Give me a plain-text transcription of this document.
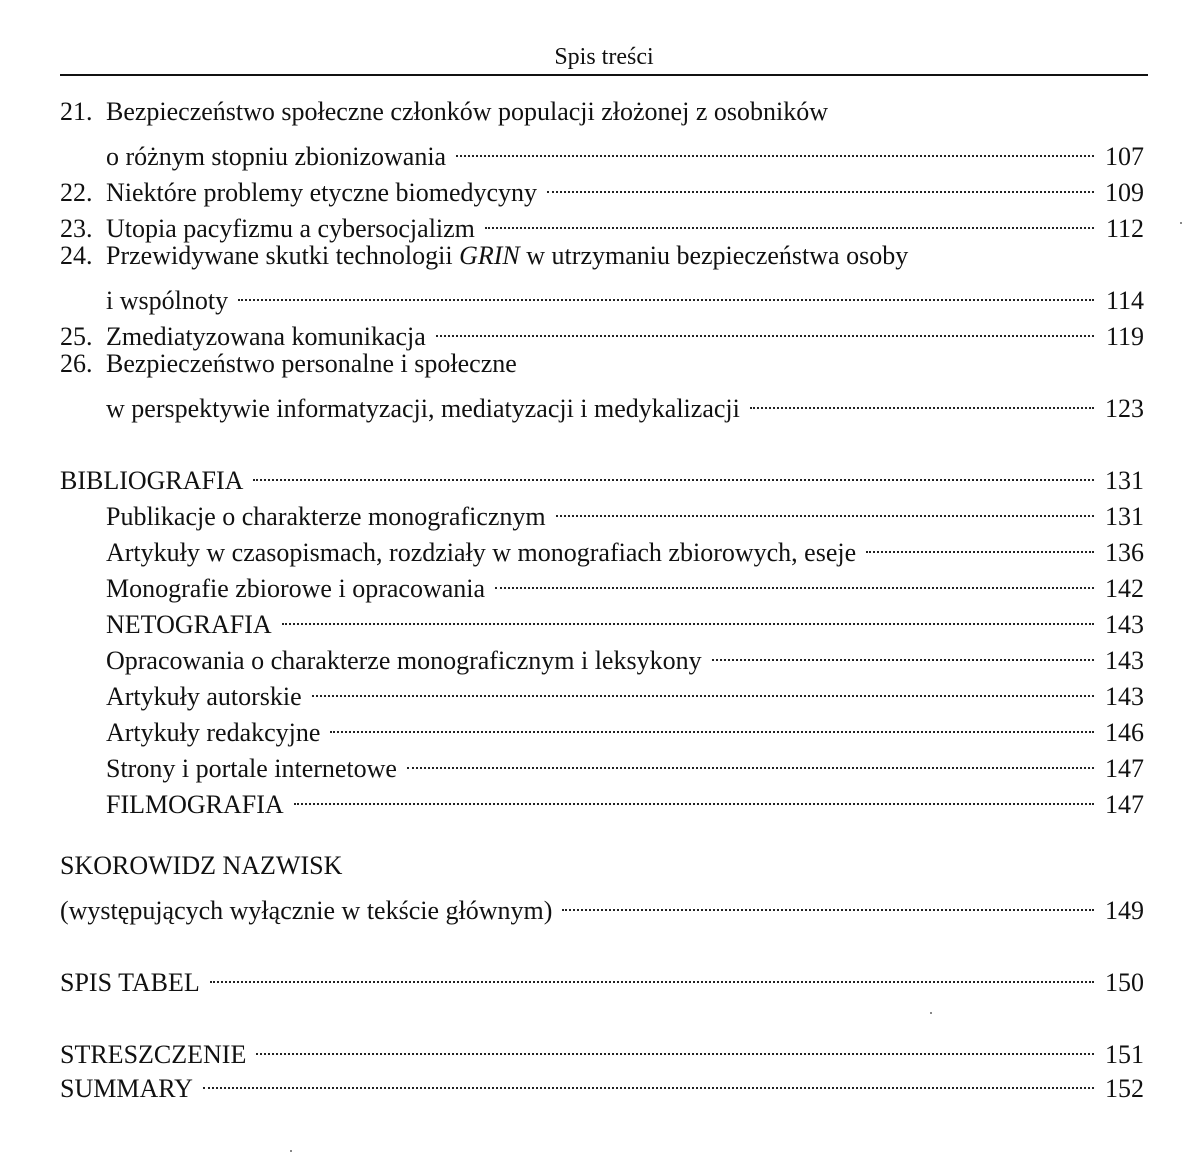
Spis treści
21. Bezpieczeństwo społeczne członków populacji złożonej z osobników
o różnym stopniu zbionizowania	107
22. Niektóre problemy etyczne biomedycyny	109
23. Utopia pacyfizmu a cybersocjalizm	112
24. Przewidywane skutki technologii GRIN w utrzymaniu bezpieczeństwa osoby
i wspólnoty	114
25. Zmediatyzowana komunikacja	119
26. Bezpieczeństwo personalne i społeczne
w perspektywie informatyzacji, mediatyzacji i medykalizacji	123
BIBLIOGRAFIA	131
Publikacje o charakterze monograficznym	131
Artykuły w czasopismach, rozdziały w monografiach zbiorowych, eseje	136
Monografie zbiorowe i opracowania	142
NETOGRAFIA	143
Opracowania o charakterze monograficznym i leksykony	143
Artykuły autorskie	143
Artykuły redakcyjne	146
Strony i portale internetowe	147
FILMOGRAFIA	147
SKOROWIDZ NAZWISK
(występujących wyłącznie w tekście głównym)	149
SPIS TABEL	150
STRESZCZENIE	151
SUMMARY	152
